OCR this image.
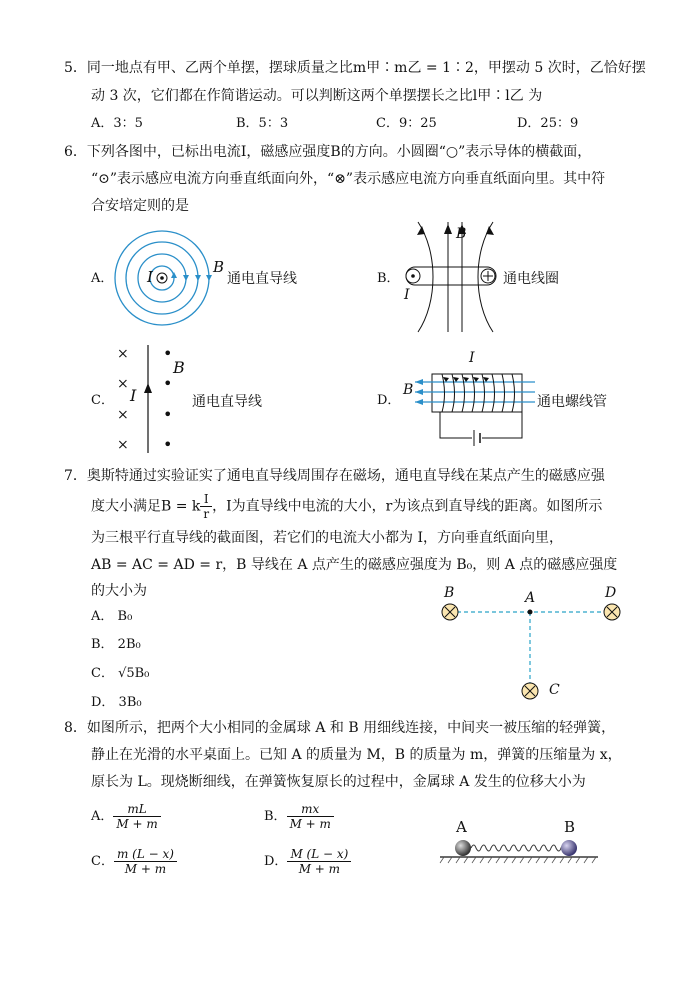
5．同一地点有甲、乙两个单摆，摆球质量之比m甲∶m乙 = 1∶2，甲摆动 5 次时，乙恰好摆
动 3 次，它们都在作简谐运动。可以判断这两个单摆摆长之比l甲∶l乙 为
A．3：5	B．5：3	C．9：25	D．25：9
6．下列各图中，已标出电流I，磁感应强度B的方向。小圆圈“○”表示导体的横截面，
“⊙”表示感应电流方向垂直纸面向外，“⊗”表示感应电流方向垂直纸面向里。其中符
合安培定则的是
A． I
B
通电直导线	B．
B
I
通电线圈
C．
×
×
×
×
I
•
•
•
•
B
通电直导线	D．
I
B
通电螺线管
7．奥斯特通过实验证实了通电直导线周围存在磁场，通电直导线在某点产生的磁感应强
度大小满足B = k $\frac{I}{r}$ ，I为直导线中电流的大小，r为该点到直导线的距离。如图所示
为三根平行直导线的截面图，若它们的电流大小都为 I，方向垂直纸面向里，
AB = AC = AD = r，B 导线在 A 点产生的磁感应强度为 B₀，则 A 点的磁感应强度
的大小为
A． B₀
B． 2B₀
C． √5B₀
D． 3B₀
B	A	D
C
8．如图所示，把两个大小相同的金属球 A 和 B 用细线连接，中间夹一被压缩的轻弹簧，
静止在光滑的水平桌面上。已知 A 的质量为 M，B 的质量为 m，弹簧的压缩量为 x，
原长为 L。现烧断细线，在弹簧恢复原长的过程中，金属球 A 发生的位移大小为
A． $\frac{mL}{M + m}$	B． $\frac{mx}{M + m}$
C． $\frac{m (L - x)}{M + m}$	D． $\frac{M (L - x)}{M + m}$
A	B
